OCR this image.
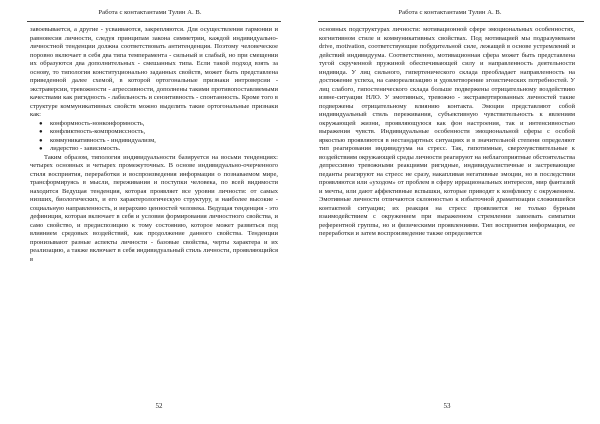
Работа с контактантами Тулин А. В.

завоевывается, а другие - усваиваются, закрепляются. Для осуществления гармонии и равновесия личности, следуя принципам закона симметрии, каждой индивидуально-личностной тенденции должна соответствовать антитенденция. Поэтому человеческое поровно включает в себя два типа темперамента - сильный и слабый, но при смещении их образуются два дополнительных - смешанных типа. Если такой подход взять за основу, то типология конституционально заданных свойств, может быть представлена приведенной далее схемой, в которой ортогональные признаки интроверсии - экстраверсии, тревожности - агрессивности, дополнены такими противопоставляемыми качествами как ригидность - лабильность и сензитивность - спонтанность. Кроме того в структуре коммуникативных свойств можно выделить такие ортогональные признаки как:

● конформность-нонконформность,
● конфликтность-компромиссность,
● коммуникативность - индивидуализм,
● лидерство - зависимость.

Таким образом, типология индивидуальности базируется на восьми тенденциях: четырех основных и четырех промежуточных. В основе индивидуально-очерченного стиля восприятия, переработки и воспроизведения информации о познаваемом мире, трансформируясь в мысли, переживания и поступки человека, по всей видимости находится Ведущая тенденция, которая проявляет все уровни личности: от самых низших, биологических, и его характерологическую структуру, и наиболее высокие - социальную направленность, и иерархию ценностей человека. Ведущая тенденция - это дефиниция, которая включает в себя и условия формирования личностного свойства, и само свойство, и предиспозицию к тому состоянию, которое может развиться под влиянием средовых воздействий, как продолжение данного свойства. Тенденции пронизывают разные аспекты личности - базовые свойства, черты характера и их реализацию, а также включает в себя индивидуальный стиль личности, проявляющийся в

52
Работа с контактантами Тулин А. В.

основных подструктурах личности: мотивационной сфере эмоциональных особенностях, когнитивном стиле и коммуникативных свойствах. Под мотивацией мы подразумеваем drive, motivation, соответствующие побудительной силе, лежащей в основе устремлений и действий индивидуума. Соответственно, мотивационная сфера может быть представлена тугой скрученной пружиной обеспечивающей силу и направленность деятельности индивида. У лиц сильного, гипертенического склада преобладает направленность на достижение успеха, на самореализацию и удовлетворение эгоистических потребностей. У лиц слабого, гипостенического склада больше подвержены отрицательному воздействию извне-ситуации НЛО. У эмотивных, тревожно - экстравертированных личностей такие подвержены отрицательному влиянию контакта. Эмоции представляют собой индивидуальный стиль переживания, субъективную чувствительность к явлениям окружающей жизни, проявляющуюся как фон настроения, так и интенсивностью выражения чувств. Индивидуальные особенности эмоциональной сферы с особой яркостью проявляются в нестандартных ситуациях и в значительной степени определяют тип реагирования индивидуума на стресс. Так, гипотимные, сверхчувствительные к воздействиям окружающей среды личности реагируют на неблагоприятные обстоятельства депрессивно тревожными реакциями ригидные, индивидуалистичные и застревающие педанты реагируют на стресс не сразу, накапливая негативные эмоции, но в последствии проявляются или «уходом» от проблем в сферу иррациональных интересов, мир фантазий и мечты, или дают аффективные вспышки, которые приводят к конфликту с окружением. Эмотивные личности отличаются склонностью к избыточной драматизации сложившейся контактной ситуации; их реакция на стресс проявляется не только бурным взаимодействием с окружением при выраженном стремлении завоевать симпатии референтной группы, но и физическими проявлениями. Тип восприятия информации, ее переработки и затем воспроизведение также определяется

53
